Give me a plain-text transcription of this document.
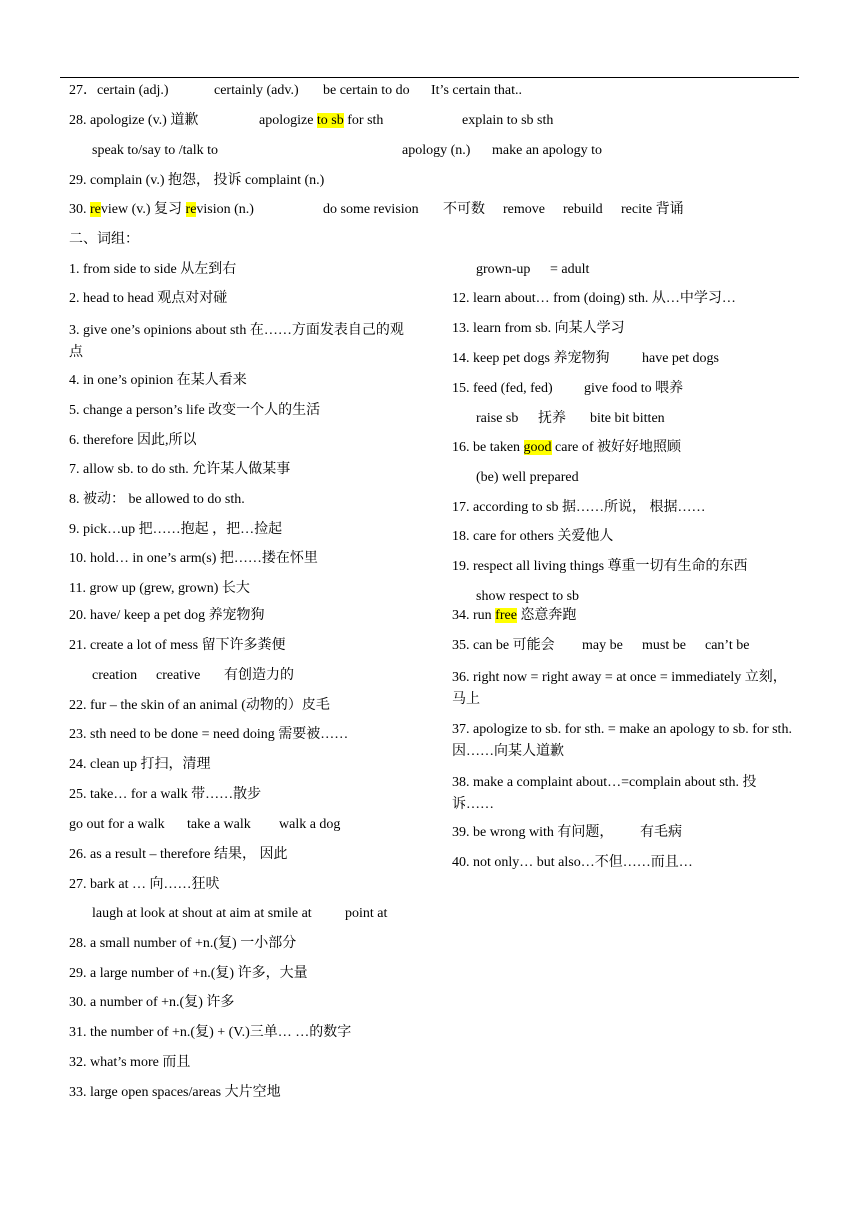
27．certain (adj.)	certainly (adv.) be certain to do It’s certain that..
28. apologize (v.) 道歉	apologize to sb for sth	explain to sb sth
speak to/say to /talk to	apology (n.) make an apology to
29. complain (v.) 抱怨， 投诉 complaint (n.)
30. review (v.) 复习 revision (n.)	do some revision 不可数 remove rebuild recite 背诵
二、词组：
1. from side to side 从左到右
2. head to head 观点对对碰
3. give one’s opinions about sth 在……方面发表自己的观点
4. in one’s opinion 在某人看来
5. change a person’s life 改变一个人的生活
6. therefore 因此,所以
7. allow sb. to do sth. 允许某人做某事
8. 被动： be allowed to do sth.
9. pick…up 把……抱起 ，把…捡起
10. hold… in one’s arm(s) 把……搂在怀里
11. grow up (grew, grown) 长大
20. have/ keep a pet dog 养宠物狗
21. create a lot of mess 留下许多粪便
creation creative 有创造力的
22. fur – the skin of an animal (动物的）皮毛
23. sth need to be done = need doing 需要被……
24. clean up 打扫，清理
25. take… for a walk 带……散步
go out for a walk take a walk walk a dog
26. as a result – therefore 结果， 因此
27. bark at … 向……狂吠
laugh at look at shout at aim at smile at point at
28. a small number of +n.(复) 一小部分
29. a large number of +n.(复) 许多，大量
30. a number of +n.(复) 许多
31. the number of +n.(复) + (V.)三单… …的数字
32. what’s more 而且
33. large open spaces/areas 大片空地
grown-up = adult
12. learn about… from (doing) sth. 从…中学习…
13. learn from sb. 向某人学习
14. keep pet dogs 养宠物狗 have pet dogs
15. feed (fed, fed) give food to 喂养
raise sb 抚养 bite bit bitten
16. be taken good care of 被好好地照顾
(be) well prepared
17. according to sb 据……所说， 根据……
18. care for others 关爱他人
19. respect all living things 尊重一切有生命的东西
show respect to sb
34. run free 恣意奔跑
35. can be 可能会 may be must be can’t be
36. right now = right away = at once = immediately 立刻，马上
37. apologize to sb. for sth. = make an apology to sb. for sth. 因……向某人道歉
38. make a complaint about…=complain about sth. 投诉……
39. be wrong with 有问题， 有毛病
40. not only… but also…不但……而且…
